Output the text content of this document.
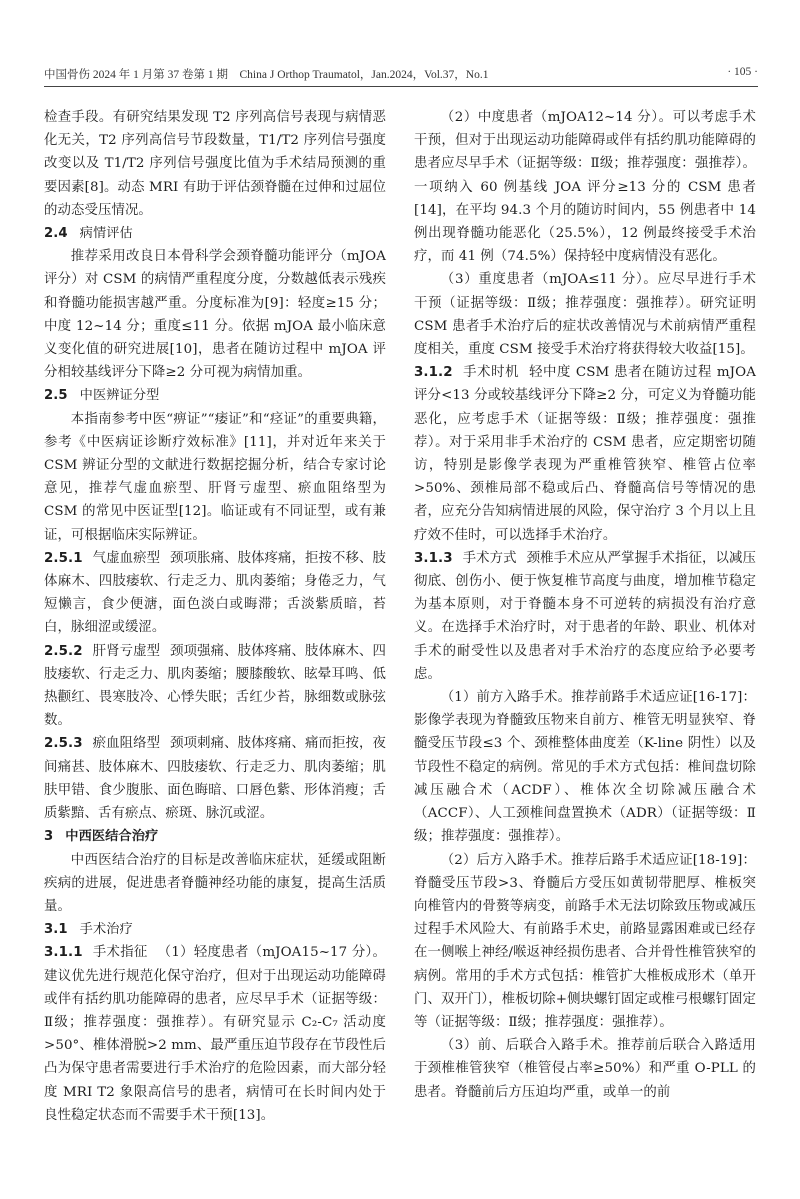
中国骨伤 2024 年 1 月第 37 卷第 1 期　China J Orthop Traumatol，Jan.2024，Vol.37，No.1	· 105 ·

检查手段。有研究结果发现 T2 序列高信号表现与病情恶化无关，T2 序列高信号节段数量，T1/T2 序列信号强度改变以及 T1/T2 序列信号强度比值为手术结局预测的重要因素[8]。动态 MRI 有助于评估颈脊髓在过伸和过屈位的动态受压情况。

2.4 病情评估

推荐采用改良日本骨科学会颈脊髓功能评分（mJOA 评分）对 CSM 的病情严重程度分度，分数越低表示残疾和脊髓功能损害越严重。分度标准为[9]：轻度≥15 分；中度 12~14 分；重度≤11 分。依据 mJOA 最小临床意义变化值的研究进展[10]，患者在随访过程中 mJOA 评分相较基线评分下降≥2 分可视为病情加重。

2.5 中医辨证分型

本指南参考中医“痹证”“痿证”和“痉证”的重要典籍，参考《中医病证诊断疗效标准》[11]，并对近年来关于 CSM 辨证分型的文献进行数据挖掘分析，结合专家讨论意见，推荐气虚血瘀型、肝肾亏虚型、瘀血阻络型为 CSM 的常见中医证型[12]。临证或有不同证型，或有兼证，可根据临床实际辨证。

2.5.1 气虚血瘀型 颈项胀痛、肢体疼痛，拒按不移、肢体麻木、四肢痿软、行走乏力、肌肉萎缩；身倦乏力，气短懒言，食少便溏，面色淡白或晦滞；舌淡紫质暗，苔白，脉细涩或缓涩。

2.5.2 肝肾亏虚型 颈项强痛、肢体疼痛、肢体麻木、四肢痿软、行走乏力、肌肉萎缩；腰膝酸软、眩晕耳鸣、低热颧红、畏寒肢冷、心悸失眠；舌红少苔，脉细数或脉弦数。

2.5.3 瘀血阻络型 颈项刺痛、肢体疼痛、痛而拒按，夜间痛甚、肢体麻木、四肢痿软、行走乏力、肌肉萎缩；肌肤甲错、食少腹胀、面色晦暗、口唇色紫、形体消瘦；舌质紫黯、舌有瘀点、瘀斑、脉沉或涩。

3 中西医结合治疗

中西医结合治疗的目标是改善临床症状，延缓或阻断疾病的进展，促进患者脊髓神经功能的康复，提高生活质量。

3.1 手术治疗

3.1.1 手术指征 （1）轻度患者（mJOA15~17 分）。建议优先进行规范化保守治疗，但对于出现运动功能障碍或伴有括约肌功能障碍的患者，应尽早手术（证据等级：Ⅱ级；推荐强度：强推荐）。有研究显示 C₂-C₇ 活动度>50°、椎体滑脱>2 mm、最严重压迫节段存在节段性后凸为保守患者需要进行手术治疗的危险因素，而大部分轻度 MRI T2 象限高信号的患者，病情可在长时间内处于良性稳定状态而不需要手术干预[13]。

（2）中度患者（mJOA12~14 分）。可以考虑手术干预，但对于出现运动功能障碍或伴有括约肌功能障碍的患者应尽早手术（证据等级：Ⅱ级；推荐强度：强推荐）。一项纳入 60 例基线 JOA 评分≥13 分的 CSM 患者[14]，在平均 94.3 个月的随访时间内，55 例患者中 14 例出现脊髓功能恶化（25.5%），12 例最终接受手术治疗，而 41 例（74.5%）保持轻中度病情没有恶化。

（3）重度患者（mJOA≤11 分）。应尽早进行手术干预（证据等级：Ⅱ级；推荐强度：强推荐）。研究证明 CSM 患者手术治疗后的症状改善情况与术前病情严重程度相关，重度 CSM 接受手术治疗将获得较大收益[15]。

3.1.2 手术时机 轻中度 CSM 患者在随访过程 mJOA 评分<13 分或较基线评分下降≥2 分，可定义为脊髓功能恶化，应考虑手术（证据等级：Ⅱ级；推荐强度：强推荐）。对于采用非手术治疗的 CSM 患者，应定期密切随访，特别是影像学表现为严重椎管狭窄、椎管占位率>50%、颈椎局部不稳或后凸、脊髓高信号等情况的患者，应充分告知病情进展的风险，保守治疗 3 个月以上且疗效不佳时，可以选择手术治疗。

3.1.3 手术方式 颈椎手术应从严掌握手术指征，以减压彻底、创伤小、便于恢复椎节高度与曲度，增加椎节稳定为基本原则，对于脊髓本身不可逆转的病损没有治疗意义。在选择手术治疗时，对于患者的年龄、职业、机体对手术的耐受性以及患者对手术治疗的态度应给予必要考虑。

（1）前方入路手术。推荐前路手术适应证[16-17]：影像学表现为脊髓致压物来自前方、椎管无明显狭窄、脊髓受压节段≤3 个、颈椎整体曲度差（K-line 阴性）以及节段性不稳定的病例。常见的手术方式包括：椎间盘切除减压融合术（ACDF）、椎体次全切除减压融合术（ACCF）、人工颈椎间盘置换术（ADR）（证据等级：Ⅱ级；推荐强度：强推荐）。

（2）后方入路手术。推荐后路手术适应证[18-19]：脊髓受压节段>3、脊髓后方受压如黄韧带肥厚、椎板突向椎管内的骨赘等病变，前路手术无法切除致压物或减压过程手术风险大、有前路手术史，前路显露困难或已经存在一侧喉上神经/喉返神经损伤患者、合并骨性椎管狭窄的病例。常用的手术方式包括：椎管扩大椎板成形术（单开门、双开门），椎板切除+侧块螺钉固定或椎弓根螺钉固定等（证据等级：Ⅱ级；推荐强度：强推荐）。

（3）前、后联合入路手术。推荐前后联合入路适用于颈椎椎管狭窄（椎管侵占率≥50%）和严重 O-PLL 的患者。脊髓前后方压迫均严重，或单一的前
